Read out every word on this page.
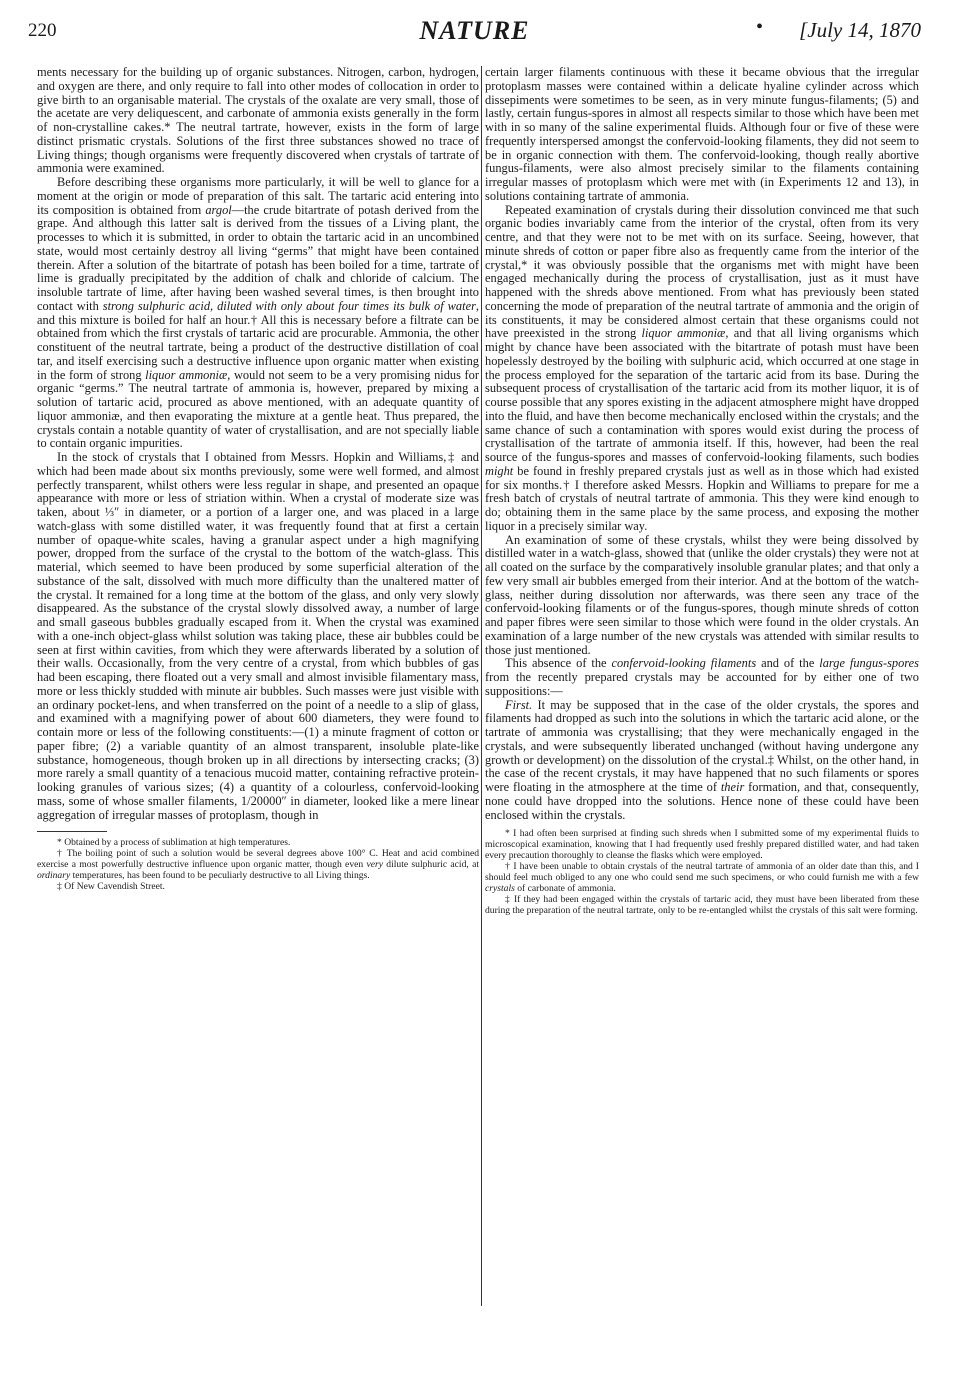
220	NATURE	• [July 14, 1870

ments necessary for the building up of organic substances. Nitrogen, carbon, hydrogen, and oxygen are there, and only require to fall into other modes of collocation in order to give birth to an organisable material. The crystals of the oxalate are very small, those of the acetate are very deliquescent, and carbonate of ammonia exists generally in the form of non-crystalline cakes.* The neutral tartrate, however, exists in the form of large distinct prismatic crystals. Solutions of the first three substances showed no trace of Living things; though organisms were frequently discovered when crystals of tartrate of ammonia were examined.

Before describing these organisms more particularly, it will be well to glance for a moment at the origin or mode of preparation of this salt. The tartaric acid entering into its composition is obtained from argol—the crude bitartrate of potash derived from the grape. And although this latter salt is derived from the tissues of a Living plant, the processes to which it is submitted, in order to obtain the tartaric acid in an uncombined state, would most certainly destroy all living “germs” that might have been contained therein. After a solution of the bitartrate of potash has been boiled for a time, tartrate of lime is gradually precipitated by the addition of chalk and chloride of calcium. The insoluble tartrate of lime, after having been washed several times, is then brought into contact with strong sulphuric acid, diluted with only about four times its bulk of water, and this mixture is boiled for half an hour.† All this is necessary before a filtrate can be obtained from which the first crystals of tartaric acid are procurable. Ammonia, the other constituent of the neutral tartrate, being a product of the destructive distillation of coal tar, and itself exercising such a destructive influence upon organic matter when existing in the form of strong liquor ammoniæ, would not seem to be a very promising nidus for organic “germs.” The neutral tartrate of ammonia is, however, prepared by mixing a solution of tartaric acid, procured as above mentioned, with an adequate quantity of liquor ammoniæ, and then evaporating the mixture at a gentle heat. Thus prepared, the crystals contain a notable quantity of water of crystallisation, and are not specially liable to contain organic impurities.

In the stock of crystals that I obtained from Messrs. Hopkin and Williams,‡ and which had been made about six months previously, some were well formed, and almost perfectly transparent, whilst others were less regular in shape, and presented an opaque appearance with more or less of striation within. When a crystal of moderate size was taken, about ⅓″ in diameter, or a portion of a larger one, and was placed in a large watch-glass with some distilled water, it was frequently found that at first a certain number of opaque-white scales, having a granular aspect under a high magnifying power, dropped from the surface of the crystal to the bottom of the watch-glass. This material, which seemed to have been produced by some superficial alteration of the substance of the salt, dissolved with much more difficulty than the unaltered matter of the crystal. It remained for a long time at the bottom of the glass, and only very slowly disappeared. As the substance of the crystal slowly dissolved away, a number of large and small gaseous bubbles gradually escaped from it. When the crystal was examined with a one-inch object-glass whilst solution was taking place, these air bubbles could be seen at first within cavities, from which they were afterwards liberated by a solution of their walls. Occasionally, from the very centre of a crystal, from which bubbles of gas had been escaping, there floated out a very small and almost invisible filamentary mass, more or less thickly studded with minute air bubbles. Such masses were just visible with an ordinary pocket-lens, and when transferred on the point of a needle to a slip of glass, and examined with a magnifying power of about 600 diameters, they were found to contain more or less of the following constituents:—(1) a minute fragment of cotton or paper fibre; (2) a variable quantity of an almost transparent, insoluble plate-like substance, homogeneous, though broken up in all directions by intersecting cracks; (3) more rarely a small quantity of a tenacious mucoid matter, containing refractive protein-looking granules of various sizes; (4) a quantity of a colourless, confervoid-looking mass, some of whose smaller filaments, 1/20000″ in diameter, looked like a mere linear aggregation of irregular masses of protoplasm, though in

* Obtained by a process of sublimation at high temperatures.

† The boiling point of such a solution would be several degrees above 100° C. Heat and acid combined exercise a most powerfully destructive influence upon organic matter, though even very dilute sulphuric acid, at ordinary temperatures, has been found to be peculiarly destructive to all Living things.

‡ Of New Cavendish Street.

certain larger filaments continuous with these it became obvious that the irregular protoplasm masses were contained within a delicate hyaline cylinder across which dissepiments were sometimes to be seen, as in very minute fungus-filaments; (5) and lastly, certain fungus-spores in almost all respects similar to those which have been met with in so many of the saline experimental fluids. Although four or five of these were frequently interspersed amongst the confervoid-looking filaments, they did not seem to be in organic connection with them. The confervoid-looking, though really abortive fungus-filaments, were also almost precisely similar to the filaments containing irregular masses of protoplasm which were met with (in Experiments 12 and 13), in solutions containing tartrate of ammonia.

Repeated examination of crystals during their dissolution convinced me that such organic bodies invariably came from the interior of the crystal, often from its very centre, and that they were not to be met with on its surface. Seeing, however, that minute shreds of cotton or paper fibre also as frequently came from the interior of the crystal,* it was obviously possible that the organisms met with might have been engaged mechanically during the process of crystallisation, just as it must have happened with the shreds above mentioned. From what has previously been stated concerning the mode of preparation of the neutral tartrate of ammonia and the origin of its constituents, it may be considered almost certain that these organisms could not have preexisted in the strong liquor ammoniæ, and that all living organisms which might by chance have been associated with the bitartrate of potash must have been hopelessly destroyed by the boiling with sulphuric acid, which occurred at one stage in the process employed for the separation of the tartaric acid from its base. During the subsequent process of crystallisation of the tartaric acid from its mother liquor, it is of course possible that any spores existing in the adjacent atmosphere might have dropped into the fluid, and have then become mechanically enclosed within the crystals; and the same chance of such a contamination with spores would exist during the process of crystallisation of the tartrate of ammonia itself. If this, however, had been the real source of the fungus-spores and masses of confervoid-looking filaments, such bodies might be found in freshly prepared crystals just as well as in those which had existed for six months.† I therefore asked Messrs. Hopkin and Williams to prepare for me a fresh batch of crystals of neutral tartrate of ammonia. This they were kind enough to do; obtaining them in the same place by the same process, and exposing the mother liquor in a precisely similar way.

An examination of some of these crystals, whilst they were being dissolved by distilled water in a watch-glass, showed that (unlike the older crystals) they were not at all coated on the surface by the comparatively insoluble granular plates; and that only a few very small air bubbles emerged from their interior. And at the bottom of the watch-glass, neither during dissolution nor afterwards, was there seen any trace of the confervoid-looking filaments or of the fungus-spores, though minute shreds of cotton and paper fibres were seen similar to those which were found in the older crystals. An examination of a large number of the new crystals was attended with similar results to those just mentioned.

This absence of the confervoid-looking filaments and of the large fungus-spores from the recently prepared crystals may be accounted for by either one of two suppositions:—

First. It may be supposed that in the case of the older crystals, the spores and filaments had dropped as such into the solutions in which the tartaric acid alone, or the tartrate of ammonia was crystallising; that they were mechanically engaged in the crystals, and were subsequently liberated unchanged (without having undergone any growth or development) on the dissolution of the crystal.‡ Whilst, on the other hand, in the case of the recent crystals, it may have happened that no such filaments or spores were floating in the atmosphere at the time of their formation, and that, consequently, none could have dropped into the solutions. Hence none of these could have been enclosed within the crystals.

* I had often been surprised at finding such shreds when I submitted some of my experimental fluids to microscopical examination, knowing that I had frequently used freshly prepared distilled water, and had taken every precaution thoroughly to cleanse the flasks which were employed.

† I have been unable to obtain crystals of the neutral tartrate of ammonia of an older date than this, and I should feel much obliged to any one who could send me such specimens, or who could furnish me with a few crystals of carbonate of ammonia.

‡ If they had been engaged within the crystals of tartaric acid, they must have been liberated from these during the preparation of the neutral tartrate, only to be re-entangled whilst the crystals of this salt were forming.
